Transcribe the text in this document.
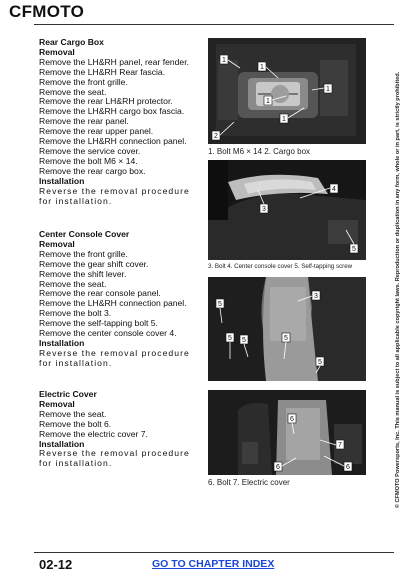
CFMOTO
Rear Cargo Box
Removal
Remove the LH&RH panel, rear fender.
Remove the LH&RH Rear fascia.
Remove the front grille.
Remove the seat.
Remove the rear LH&RH protector.
Remove the LH&RH cargo box fascia.
Remove the rear panel.
Remove the rear upper panel.
Remove the LH&RH connection panel.
Remove the service cover.
Remove the bolt M6 × 14.
Remove the rear cargo box.
Installation
Reverse the removal procedure for installation.
Center Console Cover
Removal
Remove the front grille.
Remove the gear shift cover.
Remove the shift lever.
Remove the seat.
Remove the rear console panel.
Remove the LH&RH connection panel.
Remove the bolt 3.
Remove the self-tapping bolt 5.
Remove the center console cover 4.
Installation
Reverse the removal procedure for installation.
Electric Cover
Removal
Remove the seat.
Remove the bolt 6.
Remove the electric cover 7.
Installation
Reverse the removal procedure for installation.
1
1
1
1
1
2
1. Bolt M6 × 14 2. Cargo box
4
3
5
3. Bolt 4. Center console cover 5. Self-tapping screw
5
3
5 5	5
5
6
7
6	6
6. Bolt 7. Electric cover	© CFMOTO Powersports, Inc. This manual is subject to all applicable copyright laws. Reproduction or duplication in any form, whole or in part, is strictly prohibited.
02-12	GO TO CHAPTER INDEX
